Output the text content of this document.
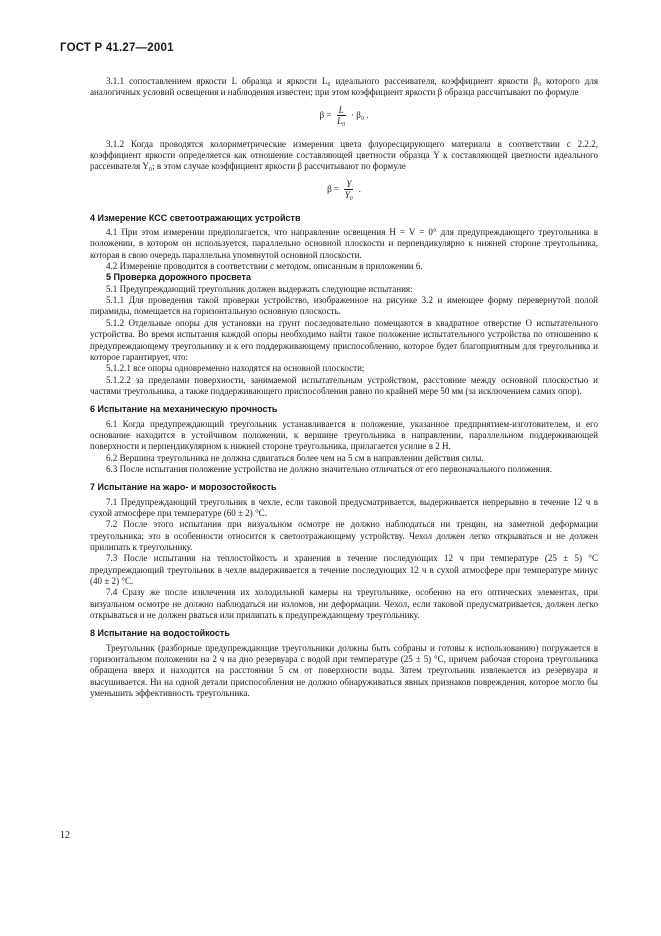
ГОСТ Р 41.27—2001

3.1.1 сопоставлением яркости L образца и яркости L₀ идеального рассеивателя, коэффициент яркости β₀ которого для аналогичных условий освещения и наблюдения известен; при этом коэффициент яркости β образца рассчитывают по формуле

$\beta = \frac{L}{\text{L₀}} \cdot \beta_0$ .

3.1.2 Когда проводятся колориметрические измерения цвета флуоресцирующего материала в соответствии с 2.2.2, коэффициент яркости определяется как отношение составляющей цветности образца Y к составляющей цветности идеального рассеивателя Y₀; в этом случае коэффициент яркости β рассчитывают по формуле

$\beta = \frac{Y}{\text{Y₀}}$ .
4 Измерение КСС светоотражающих устройств

4.1 При этом измерении предполагается, что направление освещения H = V = 0° для предупреждающего треугольника в положении, в котором он используется, параллельно основной плоскости и перпендикулярно к нижней стороне треугольника, которая в свою очередь параллельна упомянутой основной плоскости.

4.2 Измерение проводится в соответствии с методом, описанным в приложении 6.

5 Проверка дорожного просвета

5.1 Предупреждающий треугольник должен выдержать следующие испытания:

5.1.1 Для проведения такой проверки устройство, изображенное на рисунке 3.2 и имеющее форму перевернутой полой пирамиды, помещается на горизонтальную основную плоскость.

5.1.2 Отдельные опоры для установки на грунт последовательно помещаются в квадратное отверстие O испытательного устройства. Во время испытания каждой опоры необходимо найти такое положение испытательного устройства по отношению к предупреждающему треугольнику и к его поддерживающему приспособлению, которое будет благоприятным для треугольника и которое гарантирует, что:

5.1.2.1 все опоры одновременно находятся на основной плоскости;

5.1.2.2 за пределами поверхности, занимаемой испытательным устройством, расстояние между основной плоскостью и частями треугольника, а также поддерживающего приспособления равно по крайней мере 50 мм (за исключением самих опор).

6 Испытание на механическую прочность

6.1 Когда предупреждающий треугольник устанавливается в положение, указанное предприятием-изготовителем, и его основание находится в устойчивом положении, к вершине треугольника в направлении, параллельном поддерживающей поверхности и перпендикулярном к нижней стороне треугольника, прилагается усилие в 2 Н.

6.2 Вершина треугольника не должна сдвигаться более чем на 5 см в направлении действия силы.

6.3 После испытания положение устройства не должно значительно отличаться от его первоначального положения.

7 Испытание на жаро- и морозостойкость

7.1 Предупреждающий треугольник в чехле, если таковой предусматривается, выдерживается непрерывно в течение 12 ч в сухой атмосфере при температуре (60 ± 2) °С.

7.2 После этого испытания при визуальном осмотре не должно наблюдаться ни трещин, на заметной деформации треугольника; это в особенности относится к светоотражающему устройству. Чехол должен легко открываться и не должен прилипать к треугольнику.

7.3 После испытания на теплостойкость и хранения в течение последующих 12 ч при температуре (25 ± 5) °С предупреждающий треугольник в чехле выдерживается в течение последующих 12 ч в сухой атмосфере при температуре минус (40 ± 2) °С.

7.4 Сразу же после извлечения их холодильной камеры на треугольнике, особенно на его оптических элементах, при визуальном осмотре не должно наблюдаться ни изломов, ни деформации. Чехол, если таковой предусматривается, должен легко открываться и не должен рваться или прилипать к предупреждающему треугольнику.

8 Испытание на водостойкость

Треугольник (разборные предупреждающие треугольники должны быть собраны и готовы к использованию) погружается в горизонтальном положении на 2 ч на дно резервуара с водой при температуре (25 ± 5) °С, причем рабочая сторона треугольника обращена вверх и находится на расстоянии 5 см от поверхности воды. Затем треугольник извлекается из резервуара и высушивается. Ни на одной детали приспособления не должно обнаруживаться явных признаков повреждения, которое могло бы уменьшить эффективность треугольника.

12
